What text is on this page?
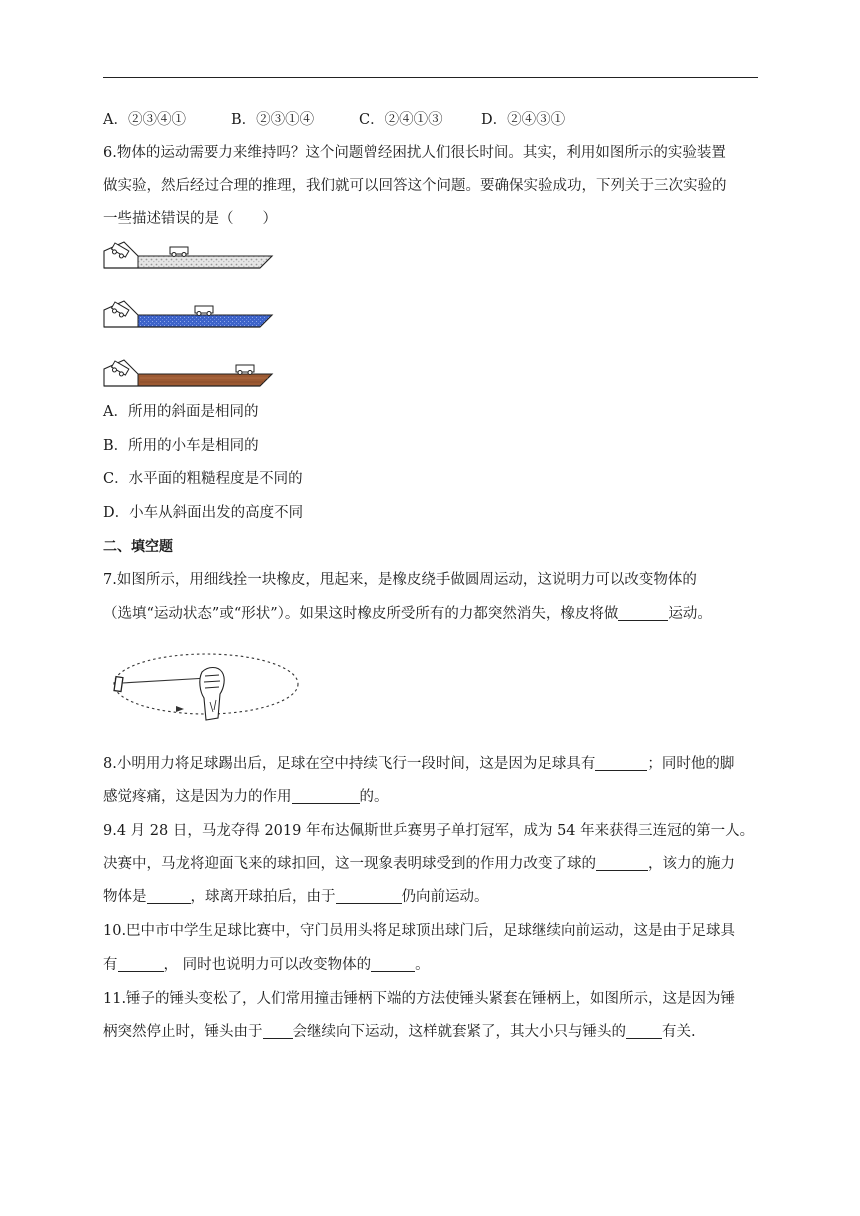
A．②③④①	B．②③①④	C．②④①③	D．②④③①
6.物体的运动需要力来维持吗？这个问题曾经困扰人们很长时间。其实，利用如图所示的实验装置
做实验，然后经过合理的推理，我们就可以回答这个问题。要确保实验成功，下列关于三次实验的
一些描述错误的是（　　）
A．所用的斜面是相同的
B．所用的小车是相同的
C．水平面的粗糙程度是不同的
D．小车从斜面出发的高度不同
二、填空题
7.如图所示，用细线拴一块橡皮，甩起来，是橡皮绕手做圆周运动，这说明力可以改变物体的
（选填“运动状态”或“形状”）。如果这时橡皮所受所有的力都突然消失，橡皮将做	运动。
8.小明用力将足球踢出后，足球在空中持续飞行一段时间，这是因为足球具有	；同时他的脚
感觉疼痛，这是因为力的作用	的。
9.4 月 28 日，马龙夺得 2019 年布达佩斯世乒赛男子单打冠军，成为 54 年来获得三连冠的第一人。
决赛中，马龙将迎面飞来的球扣回，这一现象表明球受到的作用力改变了球的	，该力的施力
物体是	，球离开球拍后，由于	仍向前运动。
10.巴中市中学生足球比赛中，守门员用头将足球顶出球门后，足球继续向前运动，这是由于足球具
有	， 同时也说明力可以改变物体的	。
11.锤子的锤头变松了，人们常用撞击锤柄下端的方法使锤头紧套在锤柄上，如图所示，这是因为锤
柄突然停止时，锤头由于 会继续向下运动，这样就套紧了，其大小只与锤头的 有关.
